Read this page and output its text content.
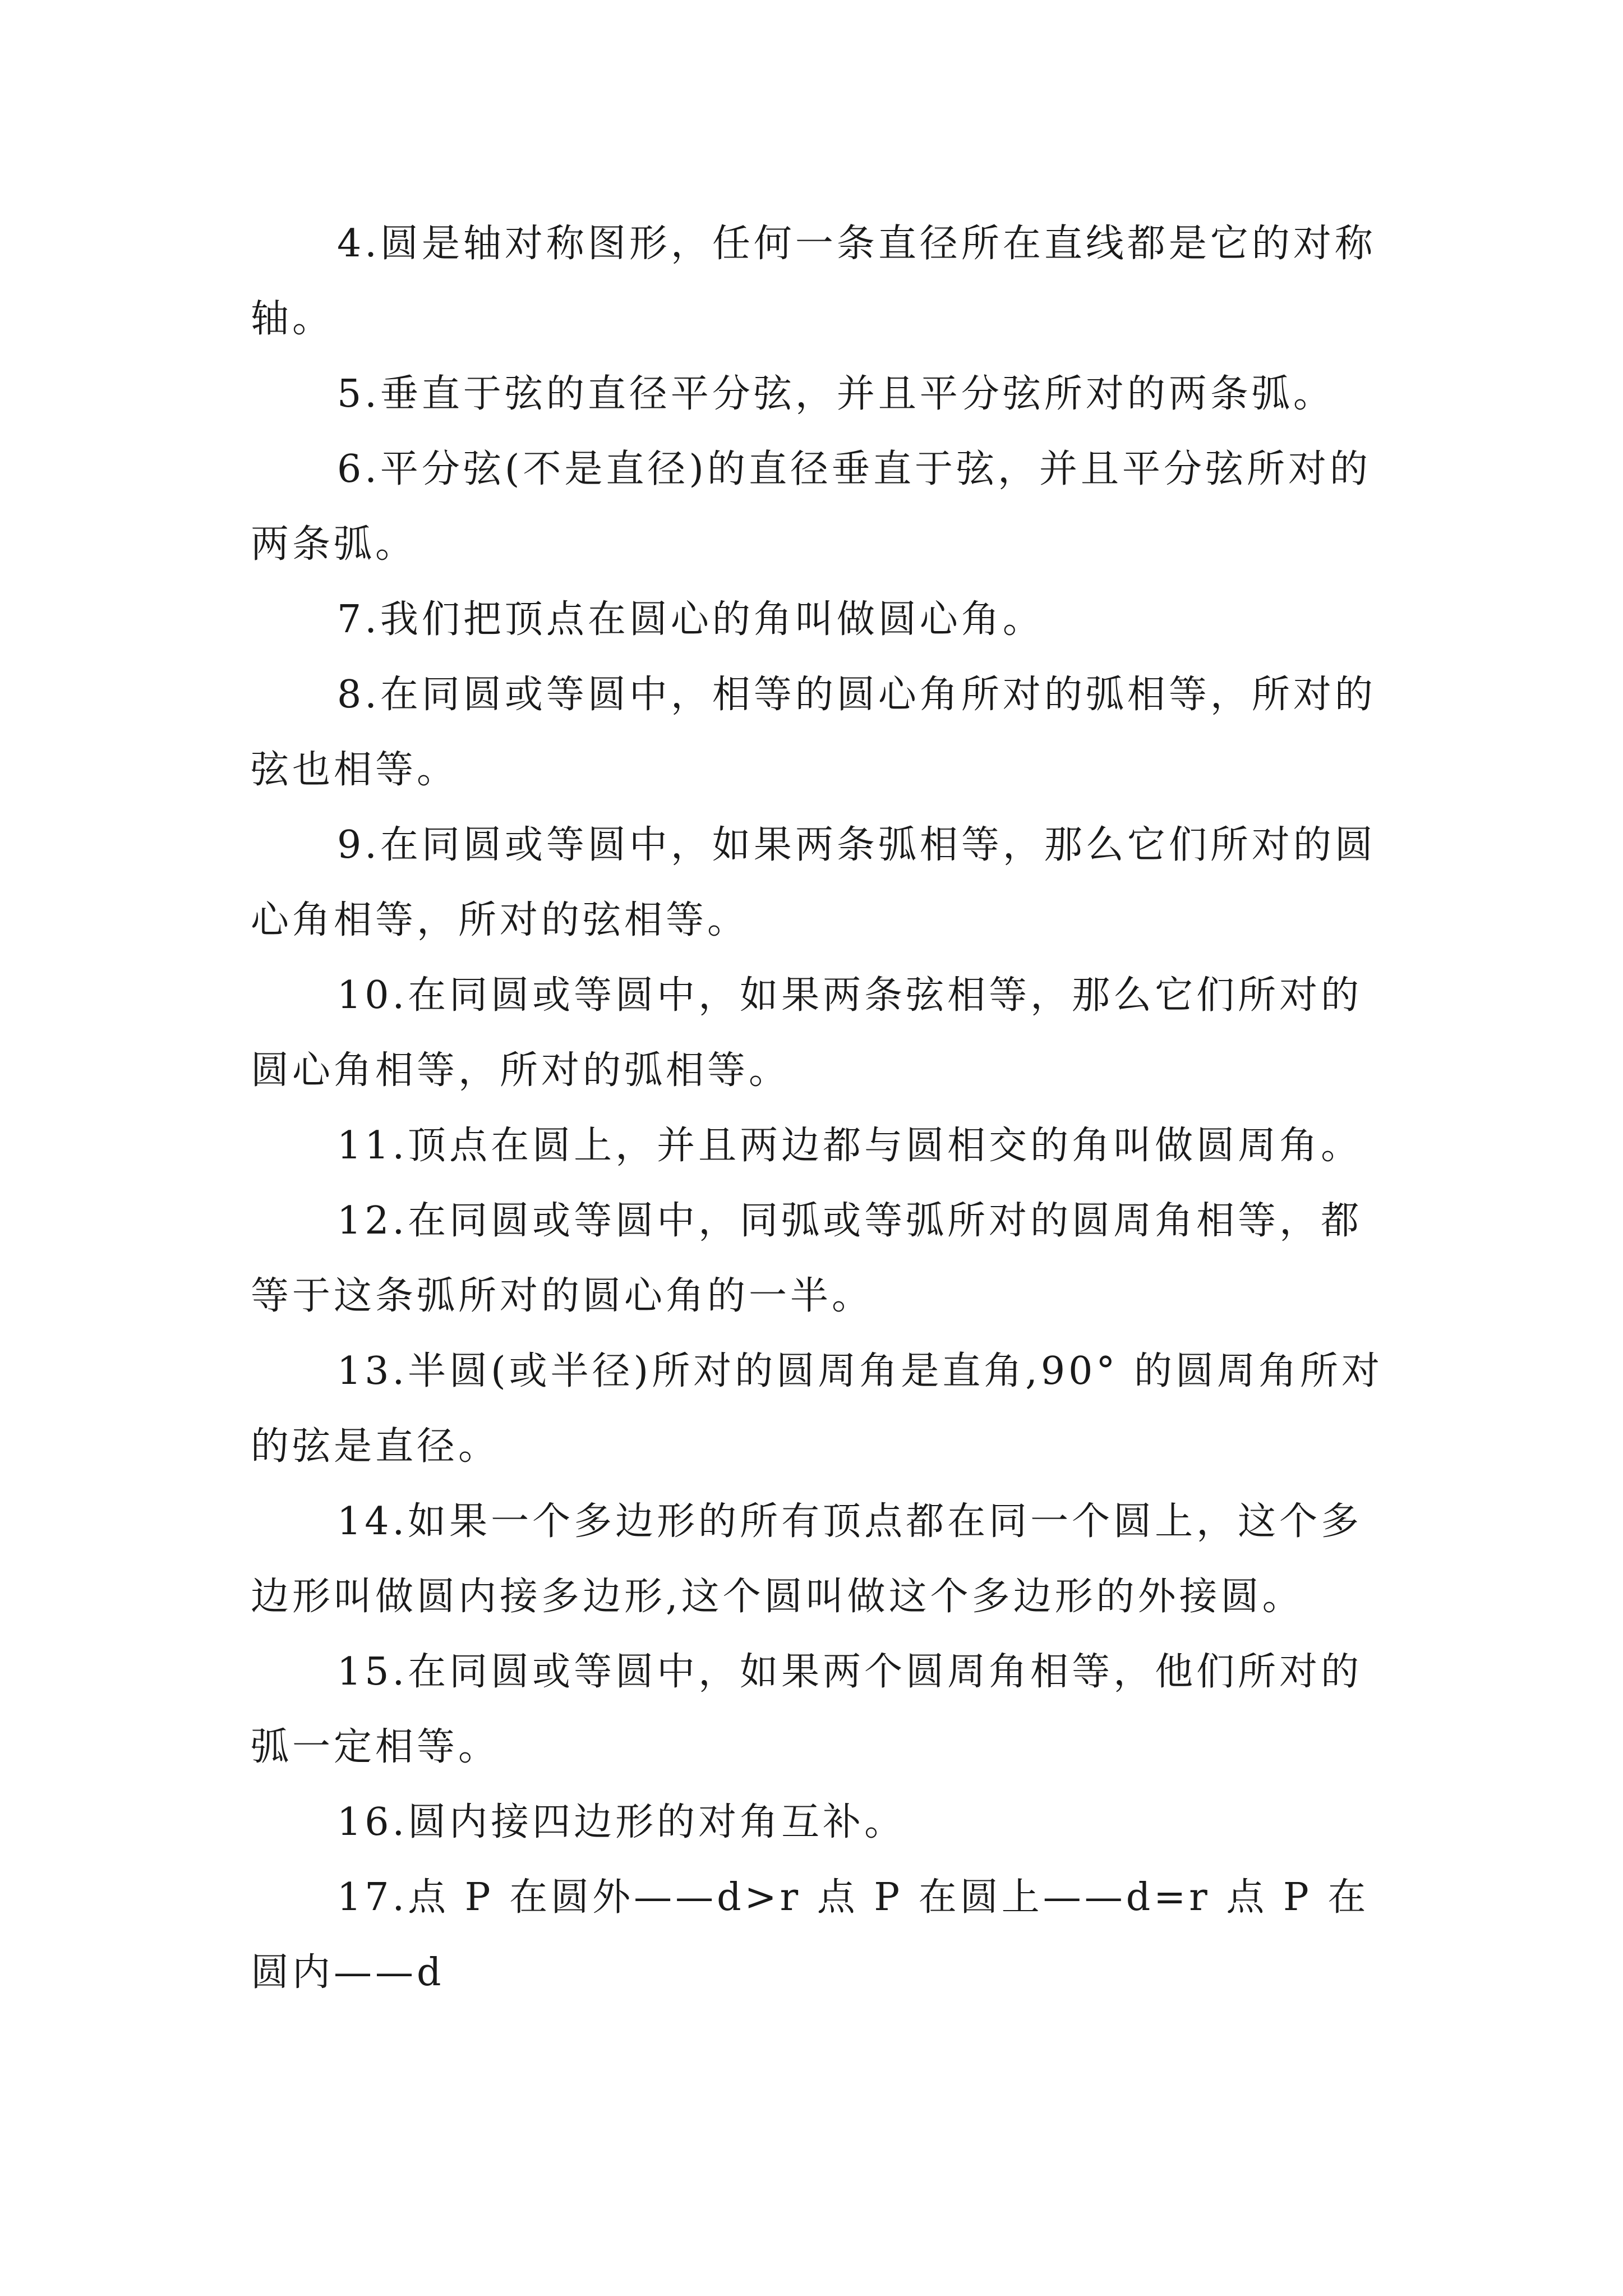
4.圆是轴对称图形，任何一条直径所在直线都是它的对称轴。

5.垂直于弦的直径平分弦，并且平分弦所对的两条弧。

6.平分弦(不是直径)的直径垂直于弦，并且平分弦所对的两条弧。

7.我们把顶点在圆心的角叫做圆心角。

8.在同圆或等圆中，相等的圆心角所对的弧相等，所对的弦也相等。

9.在同圆或等圆中，如果两条弧相等，那么它们所对的圆心角相等，所对的弦相等。

10.在同圆或等圆中，如果两条弦相等，那么它们所对的圆心角相等，所对的弧相等。

11.顶点在圆上，并且两边都与圆相交的角叫做圆周角。

12.在同圆或等圆中，同弧或等弧所对的圆周角相等，都等于这条弧所对的圆心角的一半。

13.半圆(或半径)所对的圆周角是直角,90° 的圆周角所对的弦是直径。

14.如果一个多边形的所有顶点都在同一个圆上，这个多边形叫做圆内接多边形,这个圆叫做这个多边形的外接圆。

15.在同圆或等圆中，如果两个圆周角相等，他们所对的弧一定相等。

16.圆内接四边形的对角互补。

17.点 P 在圆外——d>r 点 P 在圆上——d=r 点 P 在圆内——d
